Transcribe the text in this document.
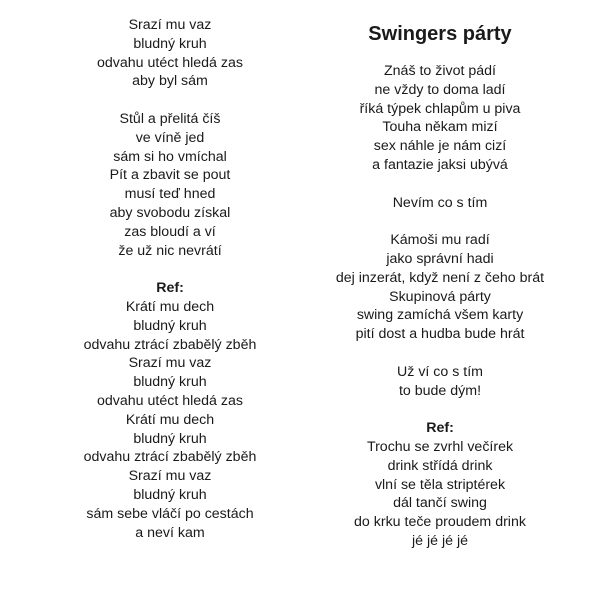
Srazí mu vaz
bludný kruh
odvahu utéct hledá zas
aby byl sám
Stůl a přelitá číš
ve víně jed
sám si ho vmíchal
Pít a zbavit se pout
musí teď hned
aby svobodu získal
zas bloudí a ví
že už nic nevrátí
Ref:
Krátí mu dech
bludný kruh
odvahu ztrácí zbabělý zběh
Srazí mu vaz
bludný kruh
odvahu utéct hledá zas
Krátí mu dech
bludný kruh
odvahu ztrácí zbabělý zběh
Srazí mu vaz
bludný kruh
sám sebe vláčí po cestách
a neví kam
Swingers párty
Znáš to život pádí
ne vždy to doma ladí
říká týpek chlapům u piva
Touha někam mizí
sex náhle je nám cizí
a fantazie jaksi ubývá
Nevím co s tím
Kámoši mu radí
jako správní hadi
dej inzerát, když není z čeho brát
Skupinová párty
swing zamíchá všem karty
pití dost a hudba bude hrát
Už ví co s tím
to bude dým!
Ref:
Trochu se zvrhl večírek
drink střídá drink
vlní se těla striptérek
dál tančí swing
do krku teče proudem drink
jé jé jé jé
